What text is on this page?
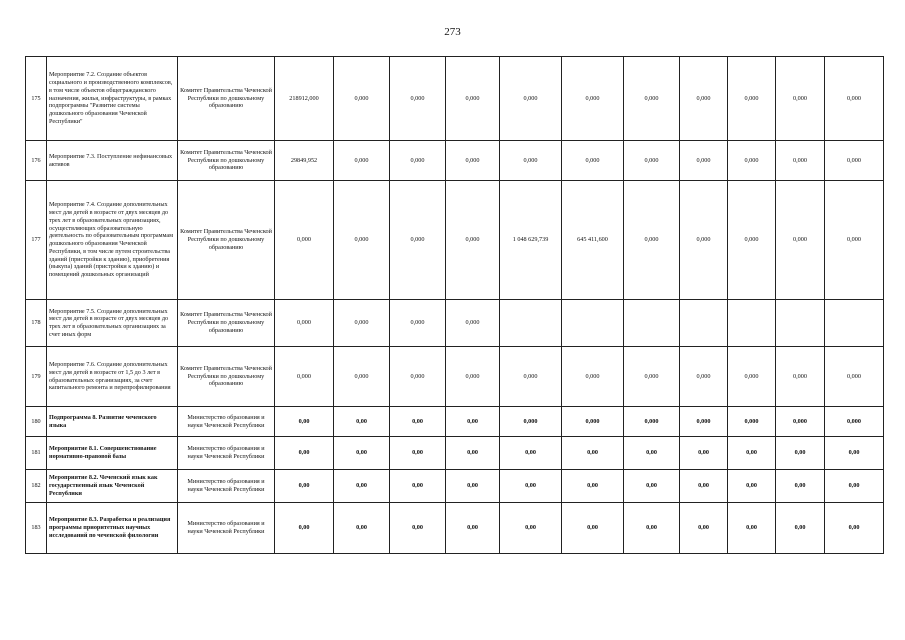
273
175	Мероприятие 7.2. Создание объектов социального и производственного комплексов, в том числе объектов общегражданского назначения, жилья, инфраструктуры, в рамках подпрограммы "Развитие системы дошкольного образования Чеченской Республики"	Комитет Правительства Чеченской Республики по дошкольному образованию	218912,000	0,000	0,000	0,000	0,000	0,000	0,000	0,000	0,000	0,000	0,000
176	Мероприятие 7.3. Поступление нефинансовых активов	Комитет Правительства Чеченской Республики по дошкольному образованию	29849,952	0,000	0,000	0,000	0,000	0,000	0,000	0,000	0,000	0,000	0,000
177	Мероприятие 7.4. Создание дополнительных мест для детей в возрасте от двух месяцев до трех лет в образовательных организациях, осуществляющих образовательную деятельность по образовательным программам дошкольного образования Чеченской Республики, в том числе путем строительства зданий (пристройки к зданию), приобретения (выкупа) зданий (пристройки к зданию) и помещений дошкольных организаций	Комитет Правительства Чеченской Республики по дошкольному образованию	0,000	0,000	0,000	0,000	1 048 629,739	645 411,600	0,000	0,000	0,000	0,000	0,000
178	Мероприятие 7.5. Создание дополнительных мест для детей в возрасте от двух месяцев до трех лет в образовательных организациях за счет иных форм	Комитет Правительства Чеченской Республики по дошкольному образованию	0,000	0,000	0,000	0,000							
179	Мероприятие 7.6. Создание дополнительных мест для детей в возрасте от 1,5 до 3 лет в образовательных организациях, за счет капитального ремонта и перепрофилирования	Комитет Правительства Чеченской Республики по дошкольному образованию	0,000	0,000	0,000	0,000	0,000	0,000	0,000	0,000	0,000	0,000	0,000
180	Подпрограмма 8. Развитие чеченского языка	Министерство образования и науки Чеченской Республики	0,00	0,00	0,00	0,00	0,000	0,000	0,000	0,000	0,000	0,000	0,000
181	Мероприятие 8.1. Совершенствование нормативно-правовой базы	Министерство образования и науки Чеченской Республики	0,00	0,00	0,00	0,00	0,00	0,00	0,00	0,00	0,00	0,00	0,00
182	Мероприятие 8.2. Чеченский язык как государственный язык Чеченской Республики	Министерство образования и науки Чеченской Республики	0,00	0,00	0,00	0,00	0,00	0,00	0,00	0,00	0,00	0,00	0,00
183	Мероприятие 8.3. Разработка и реализация программы приоритетных научных исследований по чеченской филологии	Министерство образования и науки Чеченской Республики	0,00	0,00	0,00	0,00	0,00	0,00	0,00	0,00	0,00	0,00	0,00
